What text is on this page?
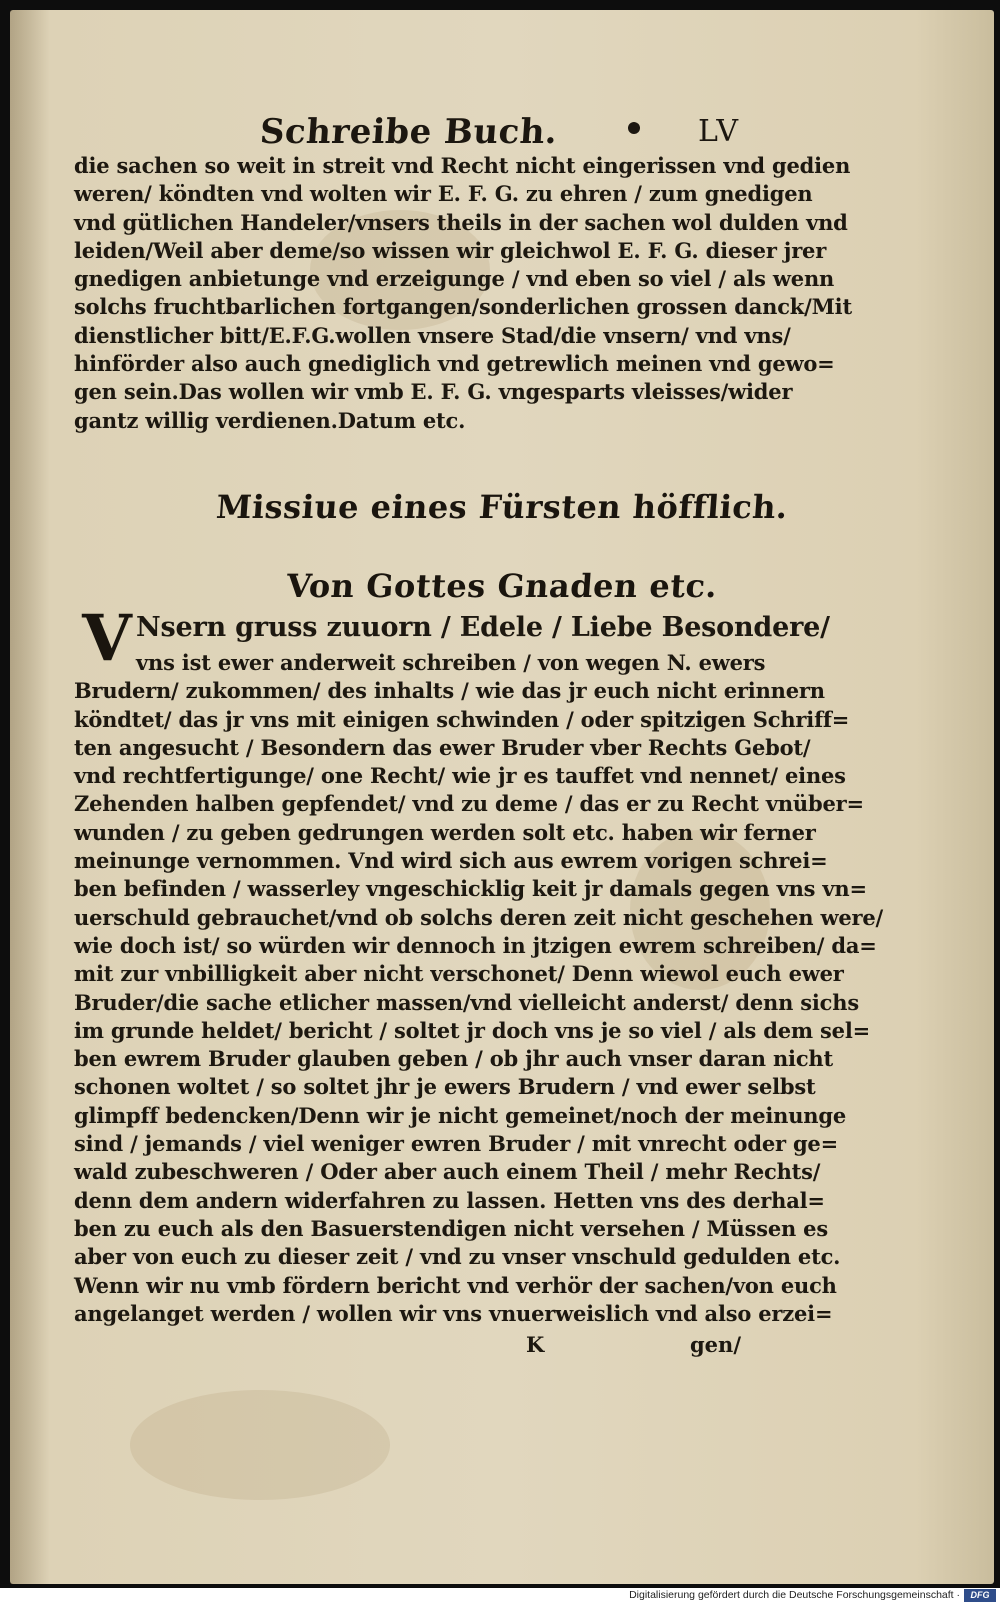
Schreibe Buch.	LV
die sachen so weit in streit vnd Recht nicht eingerissen vnd gedien
weren/ köndten vnd wolten wir E. F. G. zu ehren / zum gnedigen
vnd gütlichen Handeler/vnsers theils in der sachen wol dulden vnd
leiden/Weil aber deme/so wissen wir gleichwol E. F. G. dieser jrer
gnedigen anbietunge vnd erzeigunge / vnd eben so viel / als wenn
solchs fruchtbarlichen fortgangen/sonderlichen grossen danck/Mit
dienstlicher bitt/E.F.G.wollen vnsere Stad/die vnsern/ vnd vns/
hinförder also auch gnediglich vnd getrewlich meinen vnd gewo=
gen sein.Das wollen wir vmb E. F. G. vngesparts vleisses/wider
gantz willig verdienen.Datum etc.
Missiue eines Fürsten höfflich.
Von Gottes Gnaden etc.
V Nsern gruss zuuorn / Edele / Liebe Besondere/
vns ist ewer anderweit schreiben / von wegen N. ewers
Brudern/ zukommen/ des inhalts / wie das jr euch nicht erinnern
köndtet/ das jr vns mit einigen schwinden / oder spitzigen Schriff=
ten angesucht / Besondern das ewer Bruder vber Rechts Gebot/
vnd rechtfertigunge/ one Recht/ wie jr es tauffet vnd nennet/ eines
Zehenden halben gepfendet/ vnd zu deme / das er zu Recht vnüber=
wunden / zu geben gedrungen werden solt etc. haben wir ferner
meinunge vernommen. Vnd wird sich aus ewrem vorigen schrei=
ben befinden / wasserley vngeschicklig keit jr damals gegen vns vn=
uerschuld gebrauchet/vnd ob solchs deren zeit nicht geschehen were/
wie doch ist/ so würden wir dennoch in jtzigen ewrem schreiben/ da=
mit zur vnbilligkeit aber nicht verschonet/ Denn wiewol euch ewer
Bruder/die sache etlicher massen/vnd vielleicht anderst/ denn sichs
im grunde heldet/ bericht / soltet jr doch vns je so viel / als dem sel=
ben ewrem Bruder glauben geben / ob jhr auch vnser daran nicht
schonen woltet / so soltet jhr je ewers Brudern / vnd ewer selbst
glimpff bedencken/Denn wir je nicht gemeinet/noch der meinunge
sind / jemands / viel weniger ewren Bruder / mit vnrecht oder ge=
wald zubeschweren / Oder aber auch einem Theil / mehr Rechts/
denn dem andern widerfahren zu lassen. Hetten vns des derhal=
ben zu euch als den Basuerstendigen nicht versehen / Müssen es
aber von euch zu dieser zeit / vnd zu vnser vnschuld gedulden etc.
Wenn wir nu vmb fördern bericht vnd verhör der sachen/von euch
angelanget werden / wollen wir vns vnuerweislich vnd also erzei=
K	gen/
Digitalisierung gefördert durch die Deutsche Forschungsgemeinschaft ·	DFG
